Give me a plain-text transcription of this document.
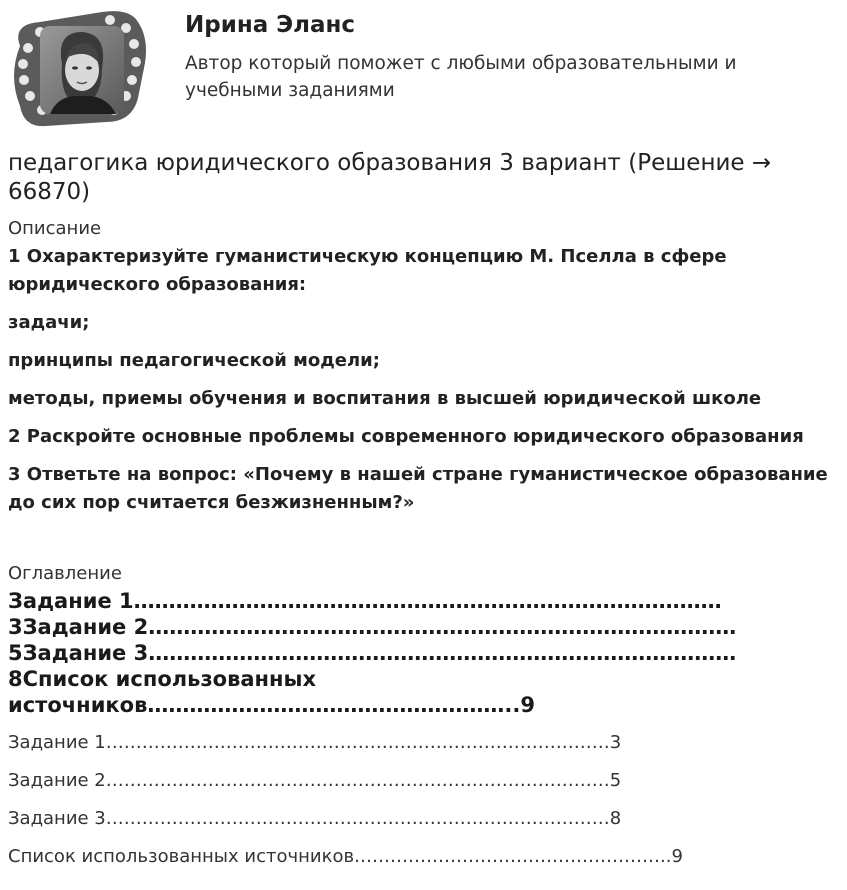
Ирина Эланс
Автор который поможет с любыми образовательными и учебными заданиями
педагогика юридического образования 3 вариант (Решение → 66870)
Описание

1 Охарактеризуйте гуманистическую концепцию М. Пселла в сфере юридического образования:

задачи;

принципы педагогической модели;

методы, приемы обучения и воспитания в высшей юридической школе

2 Раскройте основные проблемы современного юридического образования

3 Ответьте на вопрос: «Почему в нашей стране гуманистическое образование до сих пор считается безжизненным?»

Оглавление
Задание 1…………………………………………………………………………3Задание 2…………………………………………………………………………5Задание 3…………………………………………………………………………8Список использованных источников……………………………………………..9
Задание 1…………………………………………………………………………3
Задание 2…………………………………………………………………………5
Задание 3…………………………………………………………………………8
Список использованных источников……………………………………………..9
